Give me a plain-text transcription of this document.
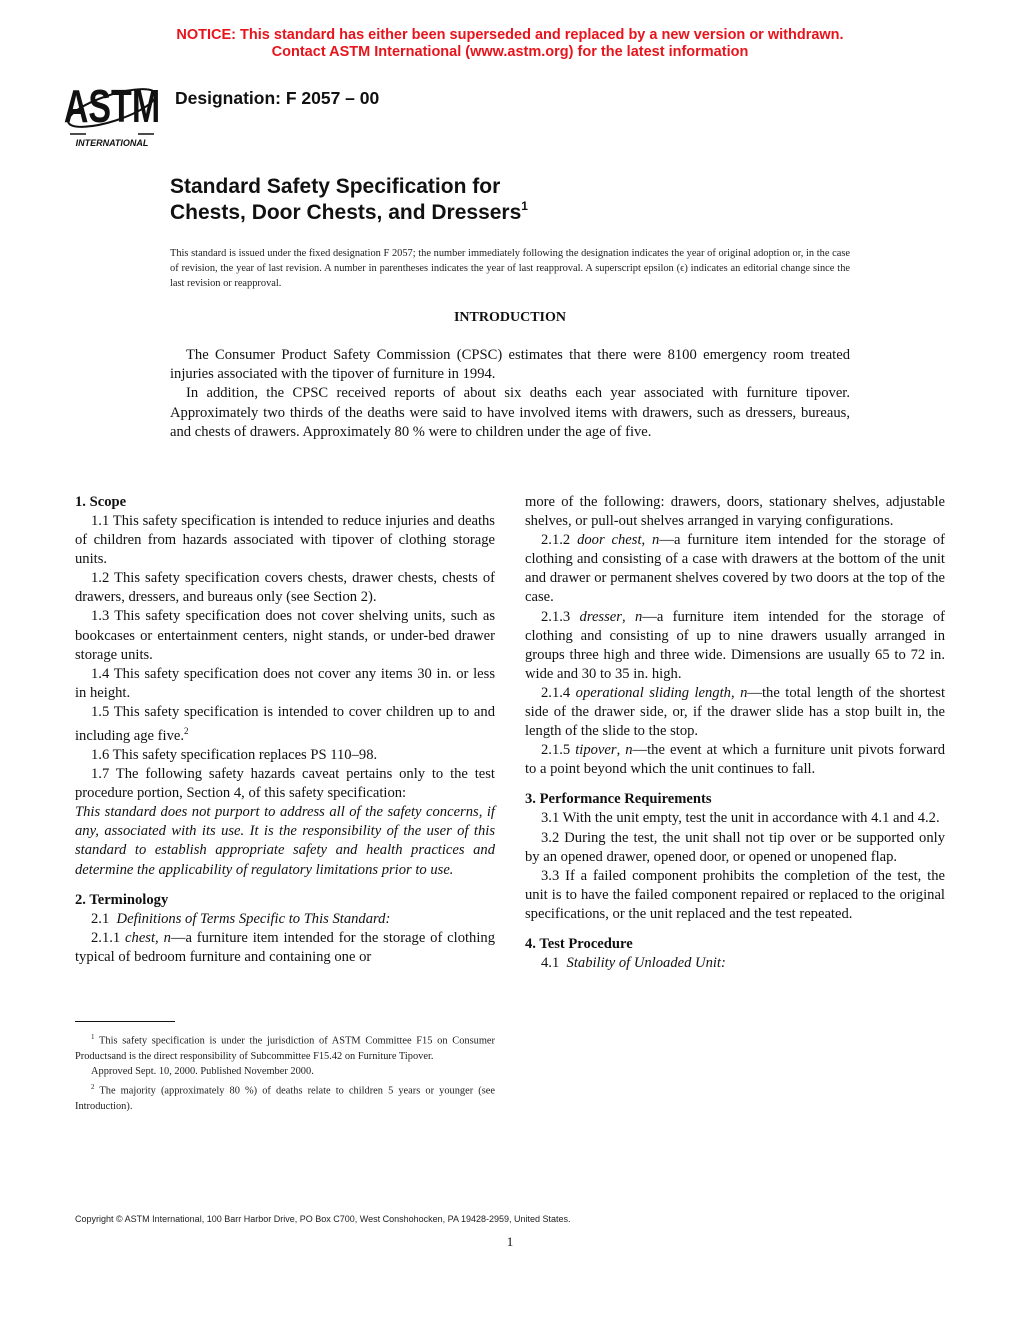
NOTICE: This standard has either been superseded and replaced by a new version or withdrawn.
Contact ASTM International (www.astm.org) for the latest information
ASTM
INTERNATIONAL
Designation: F 2057 – 00
Standard Safety Specification for
Chests, Door Chests, and Dressers$^1$
This standard is issued under the fixed designation F 2057; the number immediately following the designation indicates the year of original adoption or, in the case of revision, the year of last revision. A number in parentheses indicates the year of last reapproval. A superscript epsilon (ϵ) indicates an editorial change since the last revision or reapproval.
INTRODUCTION

The Consumer Product Safety Commission (CPSC) estimates that there were 8100 emergency room treated injuries associated with the tipover of furniture in 1994.

In addition, the CPSC received reports of about six deaths each year associated with furniture tipover. Approximately two thirds of the deaths were said to have involved items with drawers, such as dressers, bureaus, and chests of drawers. Approximately 80 % were to children under the age of five.

1. Scope

1.1 This safety specification is intended to reduce injuries and deaths of children from hazards associated with tipover of clothing storage units.

1.2 This safety specification covers chests, drawer chests, chests of drawers, dressers, and bureaus only (see Section 2).

1.3 This safety specification does not cover shelving units, such as bookcases or entertainment centers, night stands, or under-bed drawer storage units.

1.4 This safety specification does not cover any items 30 in. or less in height.

1.5 This safety specification is intended to cover children up to and including age five.$^2$

1.6 This safety specification replaces PS 110–98.

1.7 The following safety hazards caveat pertains only to the test procedure portion, Section 4, of this safety specification:

This standard does not purport to address all of the safety concerns, if any, associated with its use. It is the responsibility of the user of this standard to establish appropriate safety and health practices and determine the applicability of regulatory limitations prior to use.

2. Terminology

2.1 Definitions of Terms Specific to This Standard:

2.1.1 chest, n—a furniture item intended for the storage of clothing typical of bedroom furniture and containing one or

more of the following: drawers, doors, stationary shelves, adjustable shelves, or pull-out shelves arranged in varying configurations.

2.1.2 door chest, n—a furniture item intended for the storage of clothing and consisting of a case with drawers at the bottom of the unit and drawer or permanent shelves covered by two doors at the top of the case.

2.1.3 dresser, n—a furniture item intended for the storage of clothing and consisting of up to nine drawers usually arranged in groups three high and three wide. Dimensions are usually 65 to 72 in. wide and 30 to 35 in. high.

2.1.4 operational sliding length, n—the total length of the shortest side of the drawer side, or, if the drawer slide has a stop built in, the length of the slide to the stop.

2.1.5 tipover, n—the event at which a furniture unit pivots forward to a point beyond which the unit continues to fall.

3. Performance Requirements

3.1 With the unit empty, test the unit in accordance with 4.1 and 4.2.

3.2 During the test, the unit shall not tip over or be supported only by an opened drawer, opened door, or opened or unopened flap.

3.3 If a failed component prohibits the completion of the test, the unit is to have the failed component repaired or replaced to the original specifications, or the unit replaced and the test repeated.

4. Test Procedure

4.1 Stability of Unloaded Unit:

$^1$ This safety specification is under the jurisdiction of ASTM Committee F15 on Consumer Productsand is the direct responsibility of Subcommittee F15.42 on Furniture Tipover.

Approved Sept. 10, 2000. Published November 2000.

$^2$ The majority (approximately 80 %) of deaths relate to children 5 years or younger (see Introduction).

Copyright © ASTM International, 100 Barr Harbor Drive, PO Box C700, West Conshohocken, PA 19428-2959, United States.
1
